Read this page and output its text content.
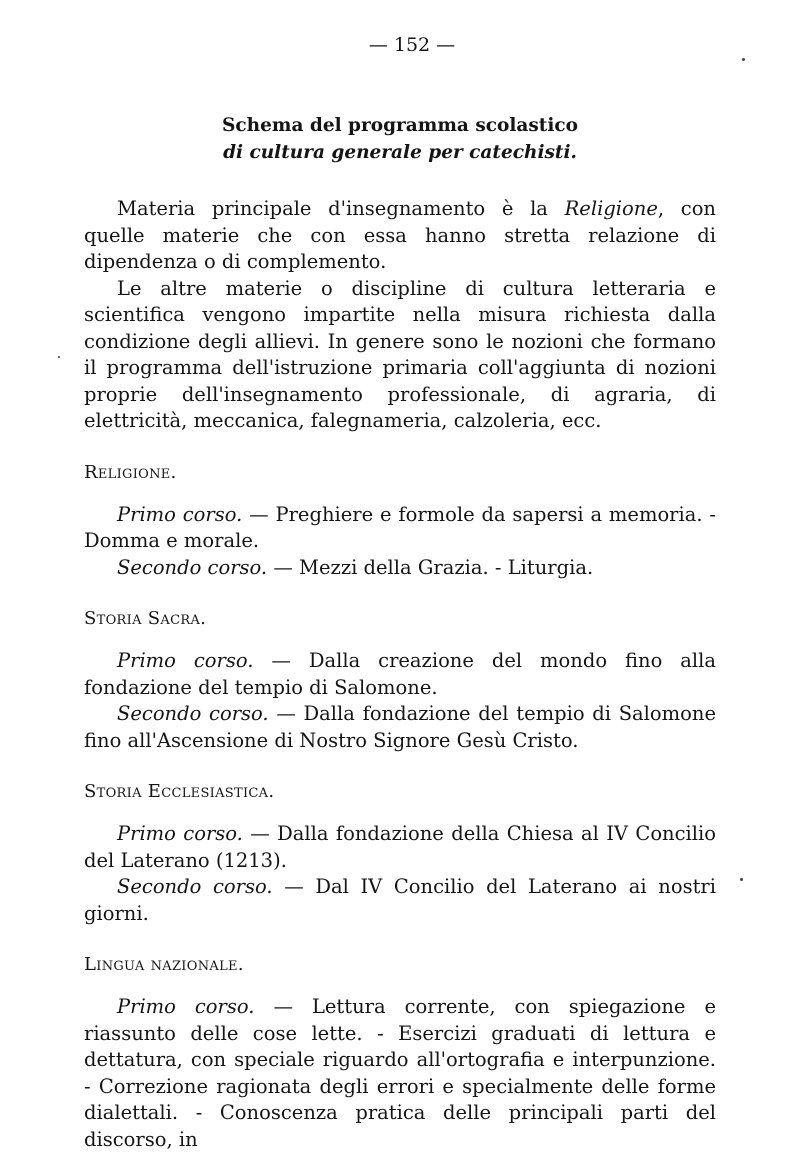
— 152 —
Schema del programma scolastico
di cultura generale per catechisti.

Materia principale d'insegnamento è la Religione, con quelle materie che con essa hanno stretta relazione di dipendenza o di complemento.

Le altre materie o discipline di cultura letteraria e scientifica vengono impartite nella misura richiesta dalla condizione degli allievi. In genere sono le nozioni che formano il programma dell'istruzione primaria coll'aggiunta di nozioni proprie dell'insegnamento professionale, di agraria, di elettricità, meccanica, falegnameria, calzoleria, ecc.

Religione.

Primo corso. — Preghiere e formole da sapersi a memoria. - Domma e morale.

Secondo corso. — Mezzi della Grazia. - Liturgia.

Storia Sacra.

Primo corso. — Dalla creazione del mondo fino alla fondazione del tempio di Salomone.

Secondo corso. — Dalla fondazione del tempio di Salomone fino all'Ascensione di Nostro Signore Gesù Cristo.

Storia Ecclesiastica.

Primo corso. — Dalla fondazione della Chiesa al IV Concilio del Laterano (1213).

Secondo corso. — Dal IV Concilio del Laterano ai nostri giorni.

Lingua nazionale.

Primo corso. — Lettura corrente, con spiegazione e riassunto delle cose lette. - Esercizi graduati di lettura e dettatura, con speciale riguardo all'ortografia e interpunzione. - Correzione ragionata degli errori e specialmente delle forme dialettali. - Conoscenza pratica delle principali parti del discorso, in
